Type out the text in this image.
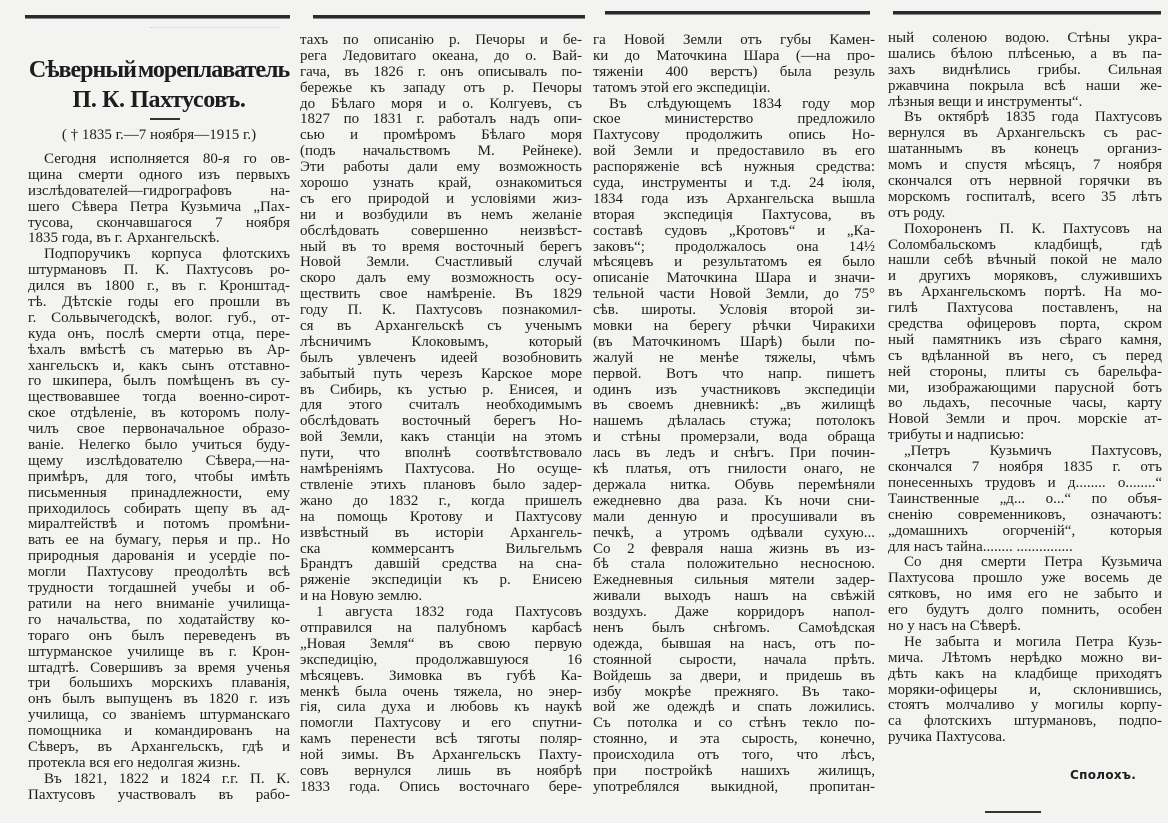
Сѣверный мореплаватель
П. К. Пахтусовъ.
( † 1835 г.—7 ноября—1915 г.)
Сегодня исполняется 80-я го ов-
щина смерти одного изъ первыхъ
изслѣдователей—гидрографовъ на-
шего Сѣвера Петра Кузьмича „Пах-
тусова, скончавшагося 7 ноября
1835 года, въ г. Архангельскѣ.
Подпоручикъ корпуса флотскихъ
штурмановъ П. К. Пахтусовъ ро-
дился въ 1800 г., въ г. Кронштад-
тѣ. Дѣтскіе годы его прошли въ
г. Сольвычегодскѣ, волог. губ., от-
куда онъ, послѣ смерти отца, пере-
ѣхалъ вмѣстѣ съ матерью въ Ар-
хангельскъ и, какъ сынъ отставно-
го шкипера, былъ помѣщенъ въ су-
ществовавшее тогда военно-сирот-
ское отдѣленіе, въ которомъ полу-
чилъ свое первоначальное образо-
ваніе. Нелегко было учиться буду-
щему изслѣдователю Сѣвера,—на-
примѣръ, для того, чтобы имѣть
письменныя принадлежности, ему
приходилось собирать щепу въ ад-
миралтействѣ и потомъ промѣни-
вать ее на бумагу, перья и пр.. Но
природныя дарованія и усердіе по-
могли Пахтусову преодолѣть всѣ
трудности тогдашней учебы и об-
ратили на него вниманіе училища-
го начальства, по ходатайству ко-
тораго онъ былъ переведенъ въ
штурманское училище въ г. Крон-
штадтѣ. Совершивъ за время ученья
три большихъ морскихъ плаванія,
онъ былъ выпущенъ въ 1820 г. изъ
училища, со званіемъ штурманскаго
помощника и командированъ на
Сѣверъ, въ Архангельскъ, гдѣ и
протекла вся его недолгая жизнь.
Въ 1821, 1822 и 1824 г.г. П. К.
Пахтусовъ участвовалъ въ рабо-
тахъ по описанію р. Печоры и бе-
рега Ледовитаго океана, до о. Вай-
гача, въ 1826 г. онъ описывалъ по-
бережье къ западу отъ р. Печоры
до Бѣлаго моря и о. Колгуевъ, съ
1827 по 1831 г. работалъ надъ опи-
сью и промѣромъ Бѣлаго моря
(подъ начальствомъ М. Рейнеке).
Эти работы дали ему возможность
хорошо узнать край, ознакомиться
съ его природой и условіями жиз-
ни и возбудили въ немъ желаніе
обслѣдовать совершенно неизвѣст-
ный въ то время восточный берегъ
Новой Земли. Счастливый случай
скоро далъ ему возможность осу-
ществить свое намѣреніе. Въ 1829
году П. К. Пахтусовъ познакомил-
ся въ Архангельскѣ съ ученымъ
лѣсничимъ Клоковымъ, который
былъ увлеченъ идеей возобновить
забытый путь черезъ Карское море
въ Сибирь, къ устью р. Енисея, и
для этого считалъ необходимымъ
обслѣдовать восточный берегъ Но-
вой Земли, какъ станціи на этомъ
пути, что вполнѣ соотвѣтствовало
намѣреніямъ Пахтусова. Но осуще-
ствленіе этихъ плановъ было задер-
жано до 1832 г., когда пришелъ
на помощь Кротову и Пахтусову
извѣстный въ исторіи Архангель-
ска коммерсантъ Вильгельмъ
Брандтъ давшій средства на сна-
ряженіе экспедиціи къ р. Енисею
и на Новую землю.
1 августа 1832 года Пахтусовъ
отправился на палубномъ карбасѣ
„Новая Земля“ въ свою первую
экспедицію, продолжавшуюся 16
мѣсяцевъ. Зимовка въ губѣ Ка-
менкѣ была очень тяжела, но энер-
гія, сила духа и любовь къ наукѣ
помогли Пахтусову и его спутни-
камъ перенести всѣ тяготы поляр-
ной зимы. Въ Архангельскъ Пахту-
совъ вернулся лишь въ ноябрѣ
1833 года. Опись восточнаго бере-
га Новой Земли отъ губы Камен-
ки до Маточкина Шара (—на про-
тяженіи 400 верстъ) была резуль
татомъ этой его экспедиціи.
Въ слѣдующемъ 1834 году мор
ское министерство предложило
Пахтусову продолжить опись Но-
вой Земли и предоставило въ его
распоряженіе всѣ нужныя средства:
суда, инструменты и т.д. 24 іюля,
1834 года изъ Архангельска вышла
вторая экспедиція Пахтусова, въ
составѣ судовъ „Кротовъ“ и „Ка-
заковъ“; продолжалось она 14½
мѣсяцевъ и результатомъ ея было
описаніе Маточкина Шара и значи-
тельной части Новой Земли, до 75°
сѣв. широты. Условія второй зи-
мовки на берегу рѣчки Чиракихи
(въ Маточкиномъ Шарѣ) были по-
жалуй не менѣе тяжелы, чѣмъ
первой. Вотъ что напр. пишетъ
одинъ изъ участниковъ экспедиціи
въ своемъ дневникѣ: „въ жилищѣ
нашемъ дѣлалась стужа; потолокъ
и стѣны промерзали, вода обраща
лась въ ледъ и снѣгъ. При почин-
кѣ платья, отъ гнилости онаго, не
держала нитка. Обувь перемѣняли
ежедневно два раза. Къ ночи сни-
мали денную и просушивали въ
печкѣ, а утромъ одѣвали сухую...
Со 2 февраля наша жизнь въ из-
бѣ стала положительно несносною.
Ежедневныя сильныя мятели задер-
живали выходъ нашъ на свѣжій
воздухъ. Даже корридоръ напол-
ненъ былъ снѣгомъ. Самоѣдская
одежда, бывшая на насъ, отъ по-
стоянной сырости, начала прѣть.
Войдешь за двери, и придешь въ
избу мокрѣе прежняго. Въ тако-
вой же одеждѣ и спать ложились.
Съ потолка и со стѣнъ текло по-
стоянно, и эта сырость, конечно,
происходила отъ того, что лѣсъ,
при постройкѣ нашихъ жилищъ,
употреблялся выкидной, пропитан-
ный соленою водою. Стѣны укра-
шались бѣлою плѣсенью, а въ па-
захъ виднѣлись грибы. Сильная
ржавчина покрыла всѣ наши же-
лѣзныя вещи и инструменты“.
Въ октябрѣ 1835 года Пахтусовъ
вернулся въ Архангельскъ съ рас-
шатаннымъ въ конецъ организ-
момъ и спустя мѣсяцъ, 7 ноября
скончался отъ нервной горячки въ
морскомъ госпиталѣ, всего 35 лѣтъ
отъ роду.
Похороненъ П. К. Пахтусовъ на
Соломбальскомъ кладбищѣ, гдѣ
нашли себѣ вѣчный покой не мало
и другихъ моряковъ, служившихъ
въ Архангельскомъ портѣ. На мо-
гилѣ Пахтусова поставленъ, на
средства офицеровъ порта, скром
ный памятникъ изъ сѣраго камня,
съ вдѣланной въ него, съ перед
ней стороны, плиты съ барельфа-
ми, изображающими парусной ботъ
во льдахъ, песочные часы, карту
Новой Земли и проч. морскіе ат-
трибуты и надписью:
„Петръ Кузьмичъ Пахтусовъ,
скончался 7 ноября 1835 г. отъ
понесенныхъ трудовъ и д........ о........“
Таинственные „д... о...“ по объя-
сненію современниковъ, означаютъ:
„домашнихъ огорченій“, которыя
для насъ тайна........ ...............
Со дня смерти Петра Кузьмича
Пахтусова прошло уже восемь де
сятковъ, но имя его не забыто и
его будутъ долго помнить, особен
но у насъ на Сѣверѣ.
Не забыта и могила Петра Кузь-
мича. Лѣтомъ нерѣдко можно ви-
дѣть какъ на кладбище приходятъ
моряки-офицеры и, склонившись,
стоятъ молчаливо у могилы корпу-
са флотскихъ штурмановъ, подпо-
ручика Пахтусова.
Сполохъ.
